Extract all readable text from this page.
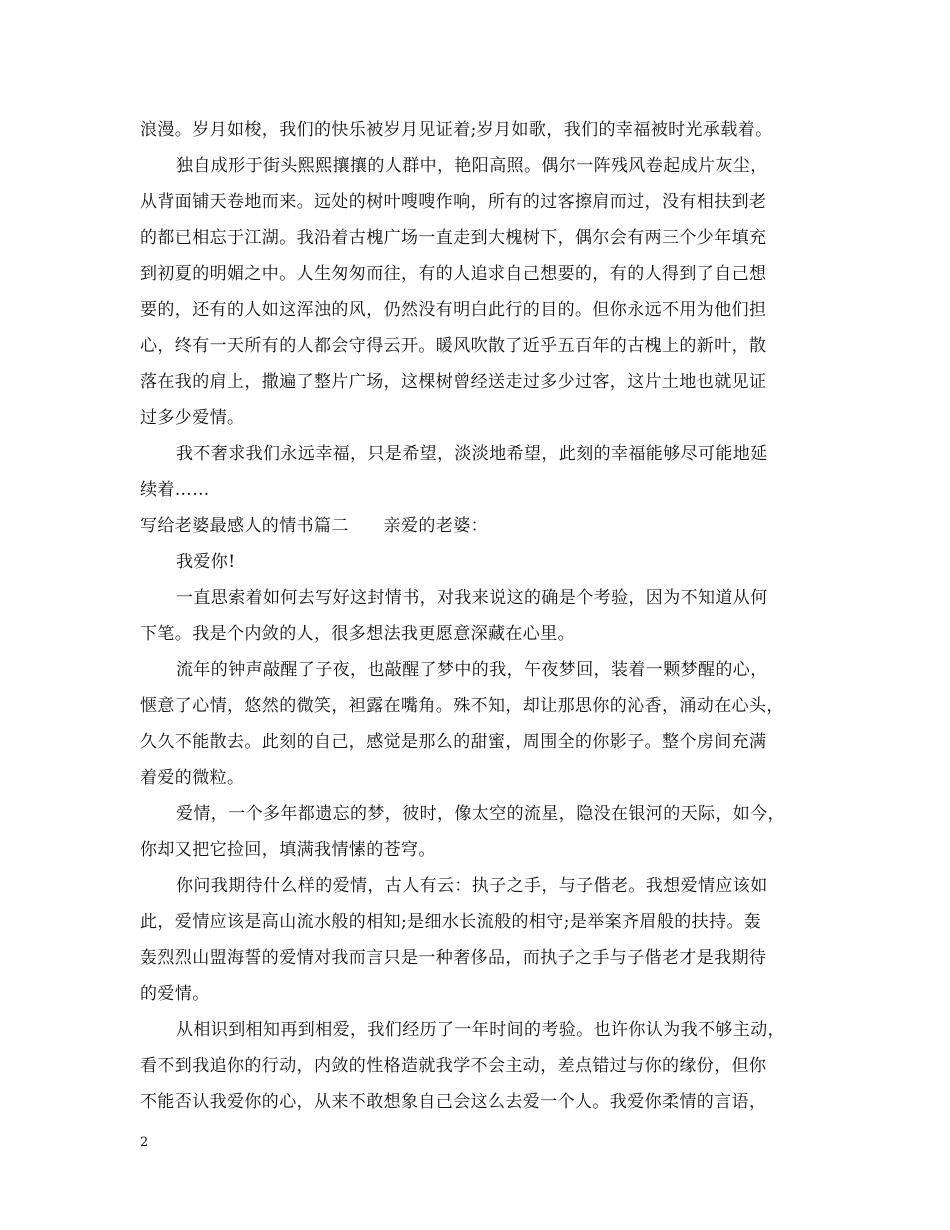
浪漫。岁月如梭，我们的快乐被岁月见证着;岁月如歌，我们的幸福被时光承载着。
独自成形于街头熙熙攘攘的人群中，艳阳高照。偶尔一阵残风卷起成片灰尘，
从背面铺天卷地而来。远处的树叶嗖嗖作响，所有的过客擦肩而过，没有相扶到老
的都已相忘于江湖。我沿着古槐广场一直走到大槐树下，偶尔会有两三个少年填充
到初夏的明媚之中。人生匆匆而往，有的人追求自己想要的，有的人得到了自己想
要的，还有的人如这浑浊的风，仍然没有明白此行的目的。但你永远不用为他们担
心，终有一天所有的人都会守得云开。暖风吹散了近乎五百年的古槐上的新叶，散
落在我的肩上，撒遍了整片广场，这棵树曾经送走过多少过客，这片土地也就见证
过多少爱情。
我不奢求我们永远幸福，只是希望，淡淡地希望，此刻的幸福能够尽可能地延
续着……
写给老婆最感人的情书篇二　　亲爱的老婆：
我爱你!
一直思索着如何去写好这封情书，对我来说这的确是个考验，因为不知道从何
下笔。我是个内敛的人，很多想法我更愿意深藏在心里。
流年的钟声敲醒了子夜，也敲醒了梦中的我，午夜梦回，装着一颗梦醒的心，
惬意了心情，悠然的微笑，袒露在嘴角。殊不知，却让那思你的沁香，涌动在心头，
久久不能散去。此刻的自己，感觉是那么的甜蜜，周围全的你影子。整个房间充满
着爱的微粒。
爱情，一个多年都遗忘的梦，彼时，像太空的流星，隐没在银河的天际，如今，
你却又把它捡回，填满我情愫的苍穹。
你问我期待什么样的爱情，古人有云：执子之手，与子偕老。我想爱情应该如
此，爱情应该是高山流水般的相知;是细水长流般的相守;是举案齐眉般的扶持。轰
轰烈烈山盟海誓的爱情对我而言只是一种奢侈品，而执子之手与子偕老才是我期待
的爱情。
从相识到相知再到相爱，我们经历了一年时间的考验。也许你认为我不够主动，
看不到我追你的行动，内敛的性格造就我学不会主动，差点错过与你的缘份，但你
不能否认我爱你的心，从来不敢想象自己会这么去爱一个人。我爱你柔情的言语，
2
